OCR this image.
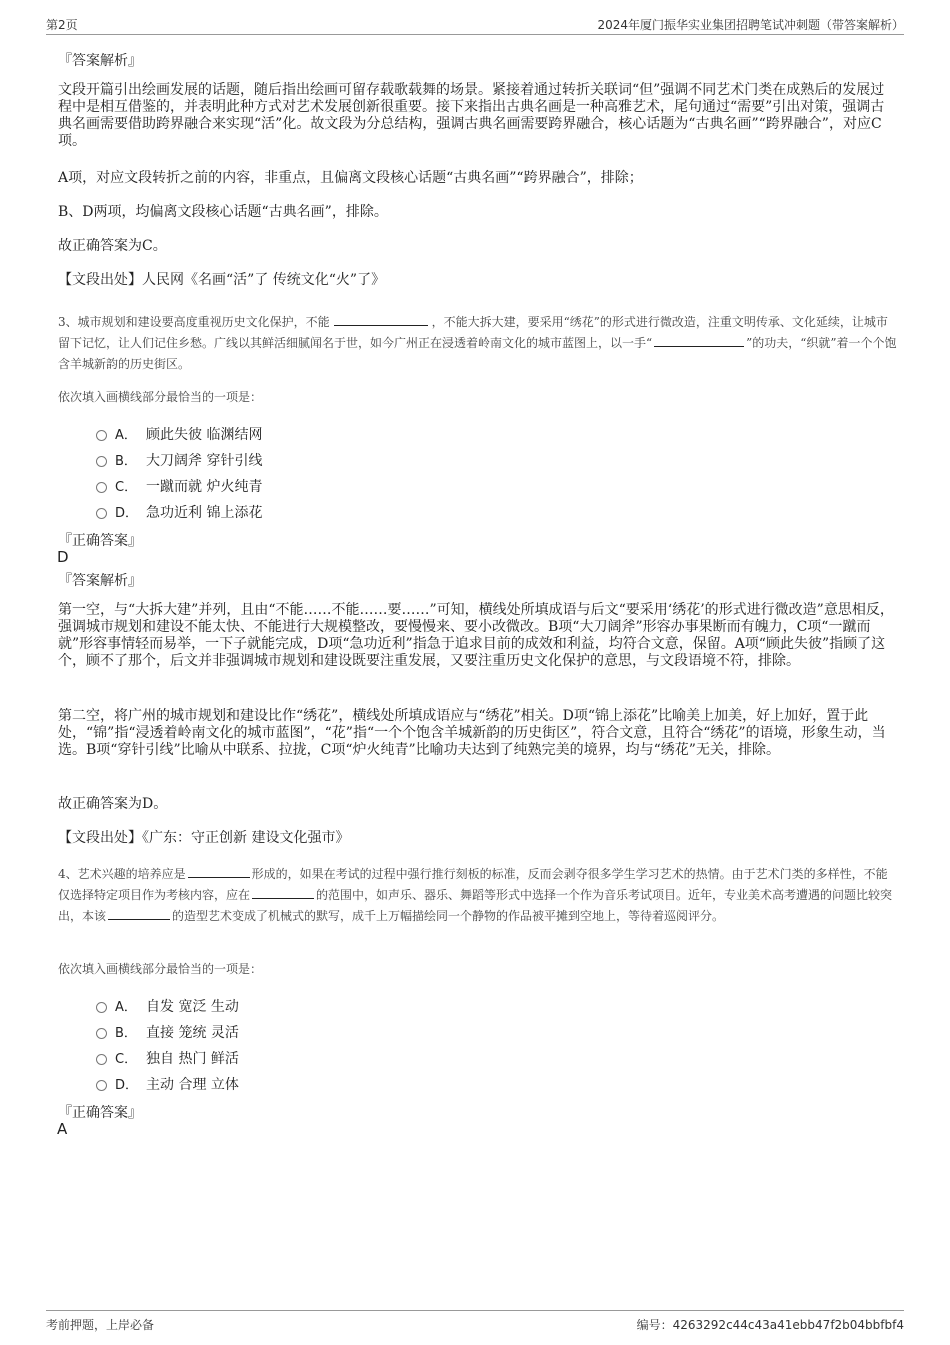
第2页	2024年厦门振华实业集团招聘笔试冲刺题（带答案解析）
『答案解析』
文段开篇引出绘画发展的话题，随后指出绘画可留存载歌载舞的场景。紧接着通过转折关联词“但”强调不同艺术门类在成熟后的发展过程中是相互借鉴的，并表明此种方式对艺术发展创新很重要。接下来指出古典名画是一种高雅艺术，尾句通过“需要”引出对策，强调古典名画需要借助跨界融合来实现“活”化。故文段为分总结构，强调古典名画需要跨界融合，核心话题为“古典名画”“跨界融合”，对应C项。
A项，对应文段转折之前的内容，非重点，且偏离文段核心话题“古典名画”“跨界融合”，排除；
B、D两项，均偏离文段核心话题“古典名画”，排除。
故正确答案为C。
【文段出处】人民网《名画“活”了 传统文化“火”了》
3、城市规划和建设要高度重视历史文化保护，不能	，不能大拆大建，要采用“绣花”的形式进行微改造，注重文明传承、文化延续，让城市留下记忆，让人们记住乡愁。广线以其鲜活细腻闻名于世，如今广州正在浸透着岭南文化的城市蓝图上，以一手“	”的功夫，“织就”着一个个饱含羊城新韵的历史街区。
依次填入画横线部分最恰当的一项是：
A． 顾此失彼 临渊结网
B． 大刀阔斧 穿针引线
C． 一蹴而就 炉火纯青
D． 急功近利 锦上添花
『正确答案』
D
『答案解析』
第一空，与“大拆大建”并列，且由“不能……不能……要……”可知，横线处所填成语与后文“要采用‘绣花’的形式进行微改造”意思相反，强调城市规划和建设不能太快、不能进行大规模整改，要慢慢来、要小改微改。B项“大刀阔斧”形容办事果断而有魄力，C项“一蹴而就”形容事情轻而易举，一下子就能完成，D项“急功近利”指急于追求目前的成效和利益，均符合文意，保留。A项“顾此失彼”指顾了这个，顾不了那个，后文并非强调城市规划和建设既要注重发展，又要注重历史文化保护的意思，与文段语境不符，排除。
第二空，将广州的城市规划和建设比作“绣花”，横线处所填成语应与“绣花”相关。D项“锦上添花”比喻美上加美，好上加好，置于此处，“锦”指“浸透着岭南文化的城市蓝图”，“花”指“一个个饱含羊城新韵的历史街区”，符合文意，且符合“绣花”的语境，形象生动，当选。B项“穿针引线”比喻从中联系、拉拢，C项“炉火纯青”比喻功夫达到了纯熟完美的境界，均与“绣花”无关，排除。
故正确答案为D。
【文段出处】《广东：守正创新 建设文化强市》
4、艺术兴趣的培养应是	形成的，如果在考试的过程中强行推行刻板的标准，反而会剥夺很多学生学习艺术的热情。由于艺术门类的多样性，不能仅选择特定项目作为考核内容，应在	的范围中，如声乐、器乐、舞蹈等形式中选择一个作为音乐考试项目。近年，专业美术高考遭遇的问题比较突出，本该	的造型艺术变成了机械式的默写，成千上万幅描绘同一个静物的作品被平摊到空地上，等待着巡阅评分。
依次填入画横线部分最恰当的一项是：
A． 自发 宽泛 生动
B． 直接 笼统 灵活
C． 独自 热门 鲜活
D． 主动 合理 立体
『正确答案』
A
考前押题，上岸必备	编号：4263292c44c43a41ebb47f2b04bbfbf4
